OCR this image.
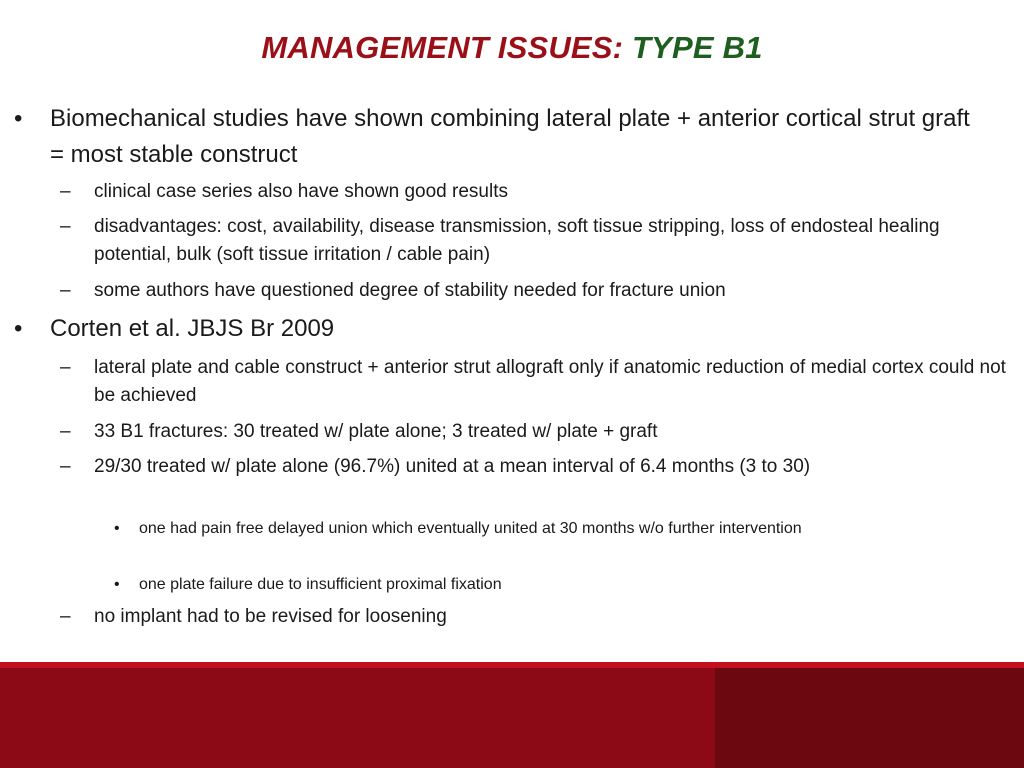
MANAGEMENT ISSUES: TYPE B1
• Biomechanical studies have shown combining lateral plate + anterior cortical strut graft = most stable construct
– clinical case series also have shown good results
– disadvantages: cost, availability, disease transmission, soft tissue stripping, loss of endosteal healing potential, bulk (soft tissue irritation / cable pain)
– some authors have questioned degree of stability needed for fracture union
• Corten et al. JBJS Br 2009
– lateral plate and cable construct + anterior strut allograft only if anatomic reduction of medial cortex could not be achieved
– 33 B1 fractures: 30 treated w/ plate alone; 3 treated w/ plate + graft
– 29/30 treated w/ plate alone (96.7%) united at a mean interval of 6.4 months (3 to 30)
• one had pain free delayed union which eventually united at 30 months w/o further intervention
• one plate failure due to insufficient proximal fixation
– no implant had to be revised for loosening
uOttawa
